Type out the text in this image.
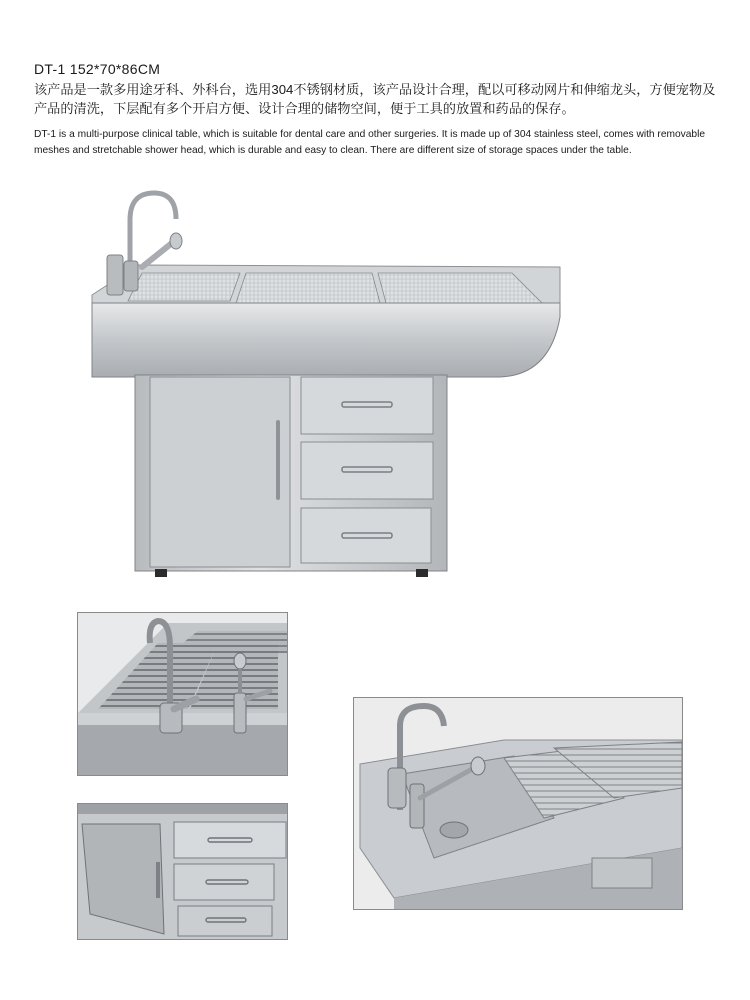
DT-1 152*70*86CM
该产品是一款多用途牙科、外科台，选用304不锈钢材质，该产品设计合理，配以可移动网片和伸缩龙头，方便宠物及产品的清洗，下层配有多个开启方便、设计合理的储物空间，便于工具的放置和药品的保存。
DT-1 is a multi-purpose clinical table, which is suitable for dental care and other surgeries. It is made up of 304 stainless steel, comes with removable meshes and stretchable shower head, which is durable and easy to clean. There are different size of storage spaces under the table.
